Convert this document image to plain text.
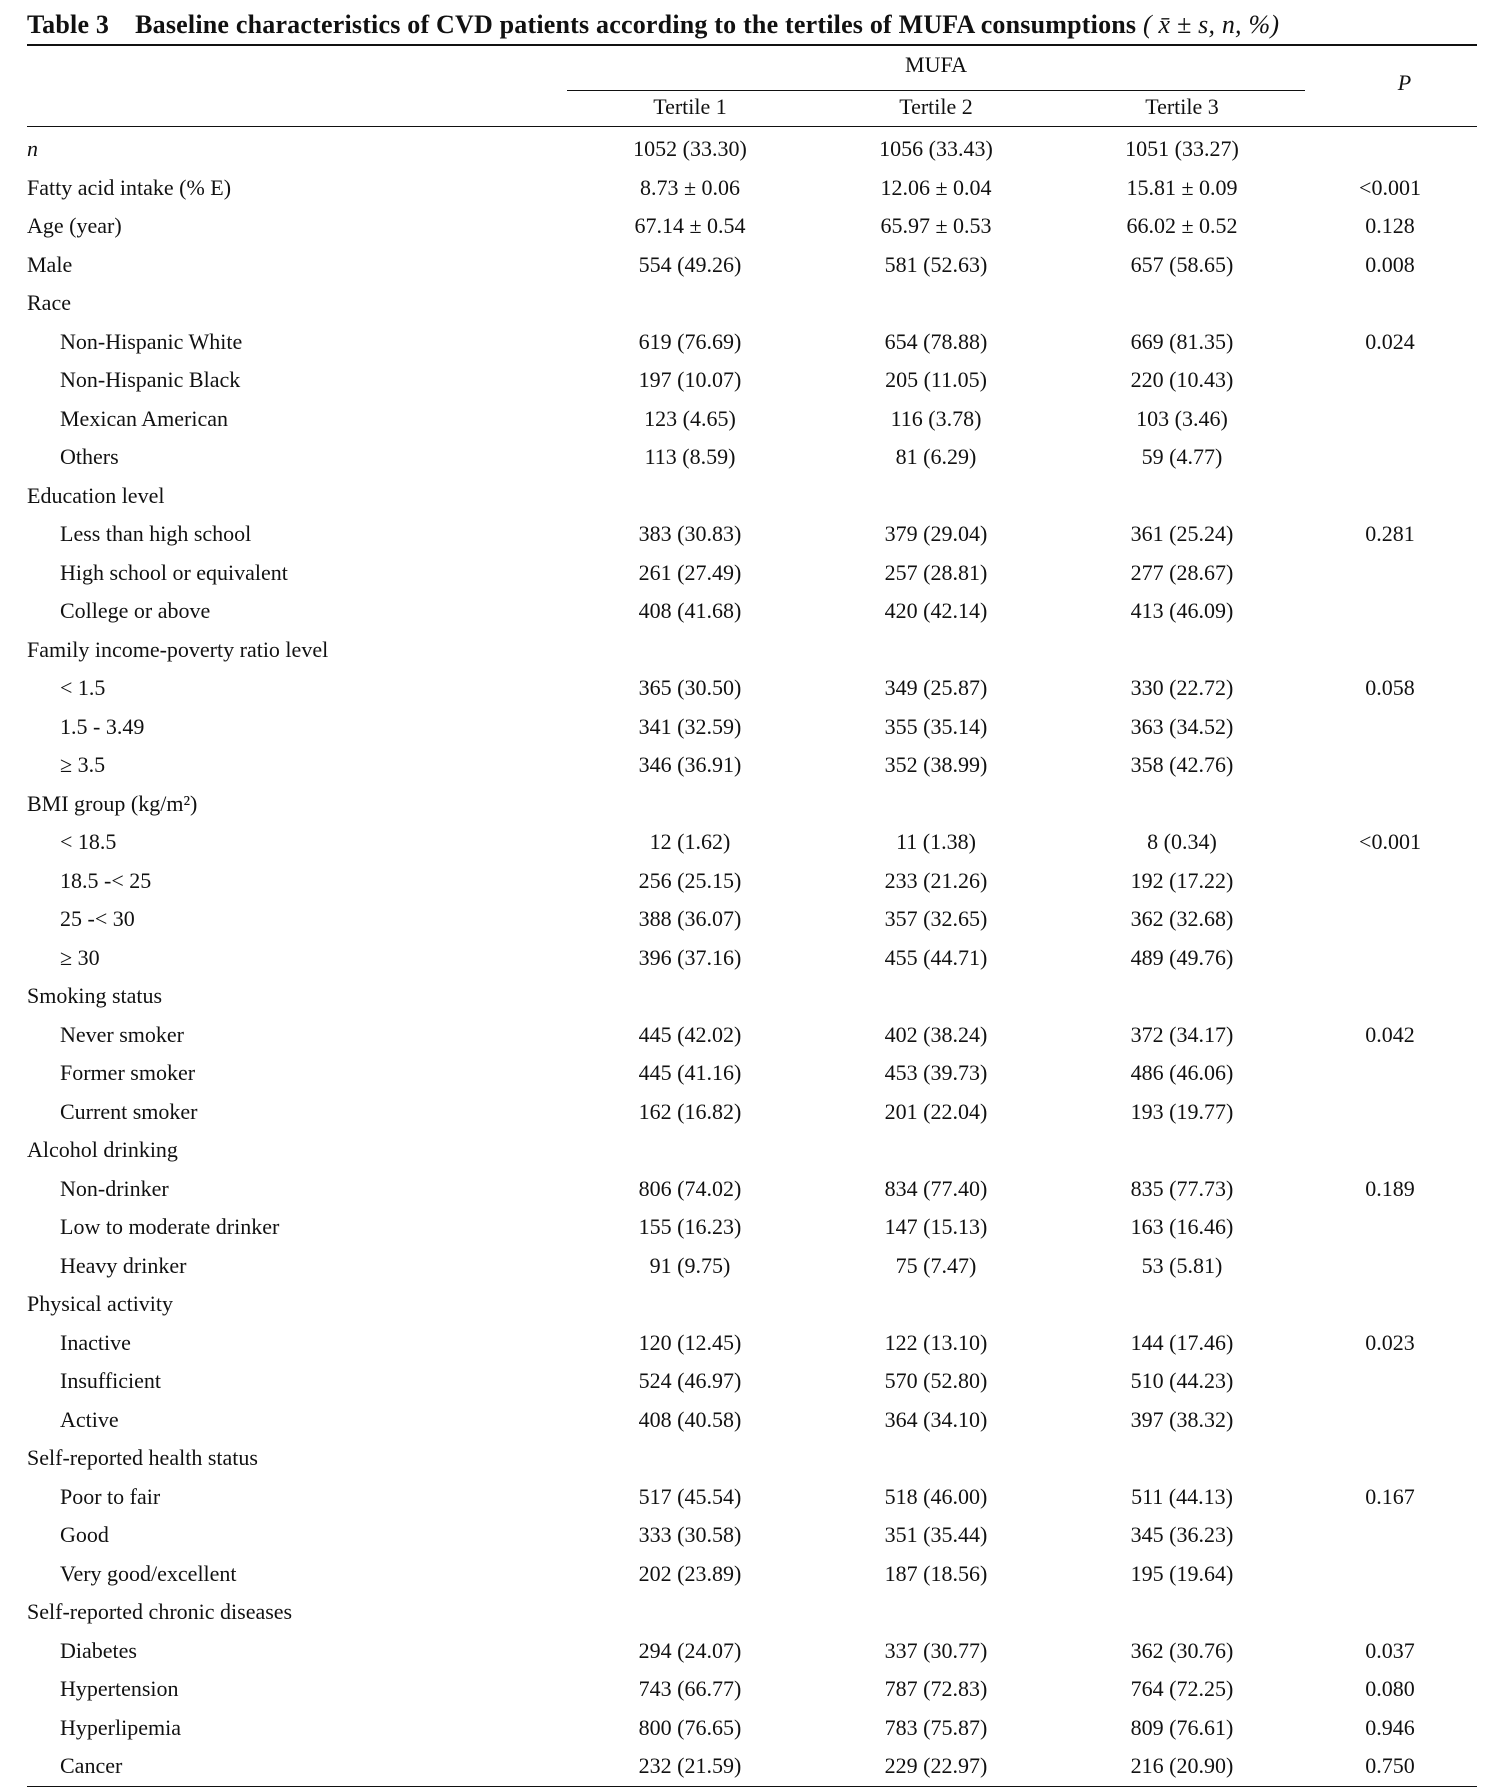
Table 3 Baseline characteristics of CVD patients according to the tertiles of MUFA consumptions ( x̄ ± s, n, %)
MUFA
Tertile 1	Tertile 2	Tertile 3
P
n	1052 (33.30)	1056 (33.43)	1051 (33.27)
Fatty acid intake (% E)	8.73 ± 0.06	12.06 ± 0.04	15.81 ± 0.09	<0.001
Age (year)	67.14 ± 0.54	65.97 ± 0.53	66.02 ± 0.52	0.128
Male	554 (49.26)	581 (52.63)	657 (58.65)	0.008
Race
Non-Hispanic White	619 (76.69)	654 (78.88)	669 (81.35)	0.024
Non-Hispanic Black	197 (10.07)	205 (11.05)	220 (10.43)
Mexican American	123 (4.65)	116 (3.78)	103 (3.46)
Others	113 (8.59)	81 (6.29)	59 (4.77)
Education level
Less than high school	383 (30.83)	379 (29.04)	361 (25.24)	0.281
High school or equivalent	261 (27.49)	257 (28.81)	277 (28.67)
College or above	408 (41.68)	420 (42.14)	413 (46.09)
Family income-poverty ratio level
< 1.5	365 (30.50)	349 (25.87)	330 (22.72)	0.058
1.5 - 3.49	341 (32.59)	355 (35.14)	363 (34.52)
≥ 3.5	346 (36.91)	352 (38.99)	358 (42.76)
BMI group (kg/m²)
< 18.5	12 (1.62)	11 (1.38)	8 (0.34)	<0.001
18.5 -< 25	256 (25.15)	233 (21.26)	192 (17.22)
25 -< 30	388 (36.07)	357 (32.65)	362 (32.68)
≥ 30	396 (37.16)	455 (44.71)	489 (49.76)
Smoking status
Never smoker	445 (42.02)	402 (38.24)	372 (34.17)	0.042
Former smoker	445 (41.16)	453 (39.73)	486 (46.06)
Current smoker	162 (16.82)	201 (22.04)	193 (19.77)
Alcohol drinking
Non-drinker	806 (74.02)	834 (77.40)	835 (77.73)	0.189
Low to moderate drinker	155 (16.23)	147 (15.13)	163 (16.46)
Heavy drinker	91 (9.75)	75 (7.47)	53 (5.81)
Physical activity
Inactive	120 (12.45)	122 (13.10)	144 (17.46)	0.023
Insufficient	524 (46.97)	570 (52.80)	510 (44.23)
Active	408 (40.58)	364 (34.10)	397 (38.32)
Self-reported health status
Poor to fair	517 (45.54)	518 (46.00)	511 (44.13)	0.167
Good	333 (30.58)	351 (35.44)	345 (36.23)
Very good/excellent	202 (23.89)	187 (18.56)	195 (19.64)
Self-reported chronic diseases
Diabetes	294 (24.07)	337 (30.77)	362 (30.76)	0.037
Hypertension	743 (66.77)	787 (72.83)	764 (72.25)	0.080
Hyperlipemia	800 (76.65)	783 (75.87)	809 (76.61)	0.946
Cancer	232 (21.59)	229 (22.97)	216 (20.90)	0.750
